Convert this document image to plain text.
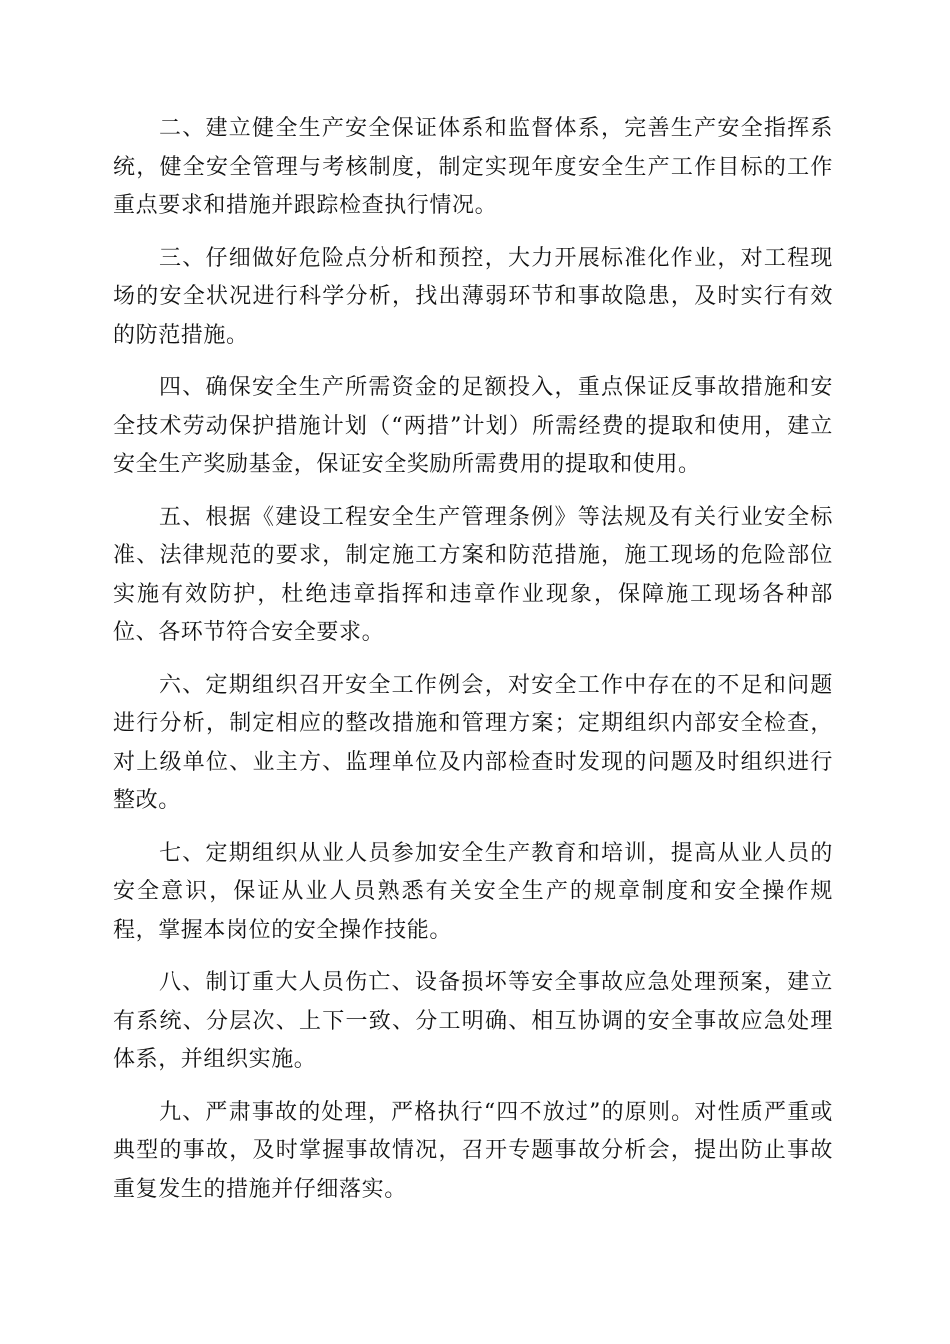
二、建立健全生产安全保证体系和监督体系，完善生产安全指挥系统，健全安全管理与考核制度，制定实现年度安全生产工作目标的工作重点要求和措施并跟踪检查执行情况。

三、仔细做好危险点分析和预控，大力开展标准化作业，对工程现场的安全状况进行科学分析，找出薄弱环节和事故隐患，及时实行有效的防范措施。

四、确保安全生产所需资金的足额投入，重点保证反事故措施和安全技术劳动保护措施计划（“两措”计划）所需经费的提取和使用，建立安全生产奖励基金，保证安全奖励所需费用的提取和使用。

五、根据《建设工程安全生产管理条例》等法规及有关行业安全标准、法律规范的要求，制定施工方案和防范措施，施工现场的危险部位实施有效防护，杜绝违章指挥和违章作业现象，保障施工现场各种部位、各环节符合安全要求。

六、定期组织召开安全工作例会，对安全工作中存在的不足和问题进行分析，制定相应的整改措施和管理方案；定期组织内部安全检查，对上级单位、业主方、监理单位及内部检查时发现的问题及时组织进行整改。

七、定期组织从业人员参加安全生产教育和培训，提高从业人员的安全意识，保证从业人员熟悉有关安全生产的规章制度和安全操作规程，掌握本岗位的安全操作技能。

八、制订重大人员伤亡、设备损坏等安全事故应急处理预案，建立有系统、分层次、上下一致、分工明确、相互协调的安全事故应急处理体系，并组织实施。

九、严肃事故的处理，严格执行“四不放过”的原则。对性质严重或典型的事故，及时掌握事故情况，召开专题事故分析会，提出防止事故重复发生的措施并仔细落实。
